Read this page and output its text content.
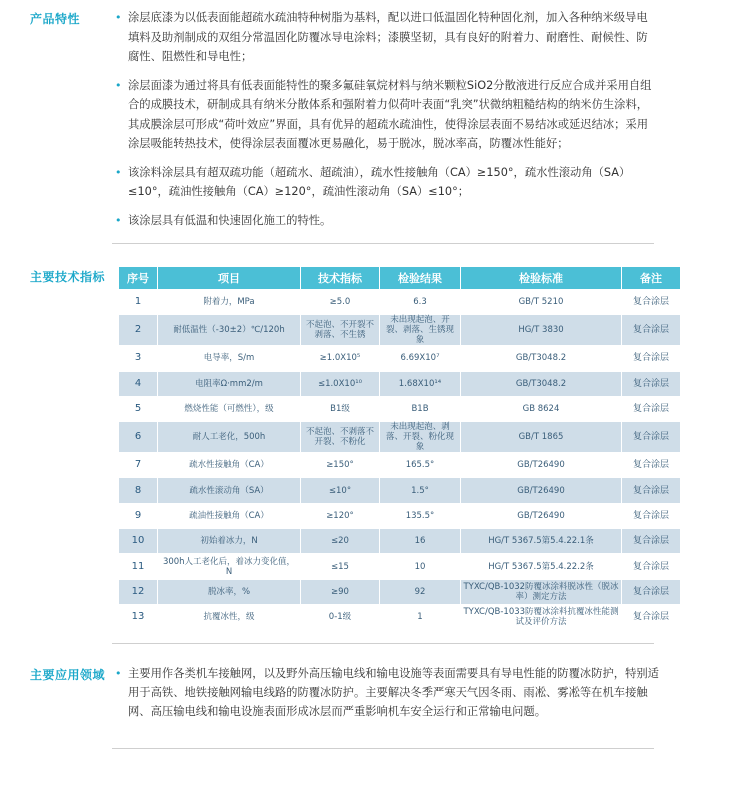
产品特性	• 涂层底漆为以低表面能超疏水疏油特种树脂为基料，配以进口低温固化特种固化剂，加入各种纳米级导电填料及助剂制成的双组分常温固化防覆冰导电涂料；漆膜坚韧，具有良好的附着力、耐磨性、耐候性、防腐性、阻燃性和导电性；

• 涂层面漆为通过将具有低表面能特性的聚多氟硅氧烷材料与纳米颗粒SiO2分散液进行反应合成并采用自组合的成膜技术，研制成具有纳米分散体系和强附着力似荷叶表面“乳突”状微纳粗糙结构的纳米仿生涂料，其成膜涂层可形成“荷叶效应”界面，具有优异的超疏水疏油性，使得涂层表面不易结冰或延迟结冰；采用涂层吸能转热技术，使得涂层表面覆冰更易融化，易于脱冰，脱冰率高，防覆冰性能好；

• 该涂料涂层具有超双疏功能（超疏水、超疏油），疏水性接触角（CA）≥150°，疏水性滚动角（SA）≤10°，疏油性接触角（CA）≥120°，疏油性滚动角（SA）≤10°；

• 该涂层具有低温和快速固化施工的特性。

主要技术指标 序号	项目	技术指标	检验结果	检验标准	备注
1	附着力，MPa	≥5.0	6.3	GB/T 5210	复合涂层
2	耐低温性（-30±2）℃/120h	不起泡、不开裂不剥落、不生锈	未出现起泡、开裂、剥落、生锈现象	HG/T 3830	复合涂层
3	电导率，S/m	≥1.0X10⁵	6.69X10⁷	GB/T3048.2	复合涂层
4	电阻率Ω·mm2/m	≤1.0X10¹⁰	1.68X10¹⁴	GB/T3048.2	复合涂层
5	燃烧性能（可燃性），级	B1级	B1B	GB 8624	复合涂层
6	耐人工老化，500h	不起泡、不剥落不开裂、不粉化	未出现起泡、剥落、开裂、粉化现象	GB/T 1865	复合涂层
7	疏水性接触角（CA）	≥150°	165.5°	GB/T26490	复合涂层
8	疏水性滚动角（SA）	≤10°	1.5°	GB/T26490	复合涂层
9	疏油性接触角（CA）	≥120°	135.5°	GB/T26490	复合涂层
10	初始着冰力，N	≤20	16	HG/T 5367.5第5.4.22.1条	复合涂层
11	300h人工老化后，着冰力变化值，N	≤15	10	HG/T 5367.5第5.4.22.2条	复合涂层
12	脱冰率，%	≥90	92	TYXC/QB-1032防覆冰涂料脱冰性（脱冰率）测定方法	复合涂层
13	抗覆冰性，级	0-1级	1	TYXC/QB-1033防覆冰涂料抗覆冰性能测试及评价方法	复合涂层
主要应用领域 • 主要用作各类机车接触网，以及野外高压输电线和输电设施等表面需要具有导电性能的防覆冰防护，特别适用于高铁、地铁接触网输电线路的防覆冰防护。主要解决冬季严寒天气因冬雨、雨凇、雾凇等在机车接触网、高压输电线和输电设施表面形成冰层而严重影响机车安全运行和正常输电问题。
